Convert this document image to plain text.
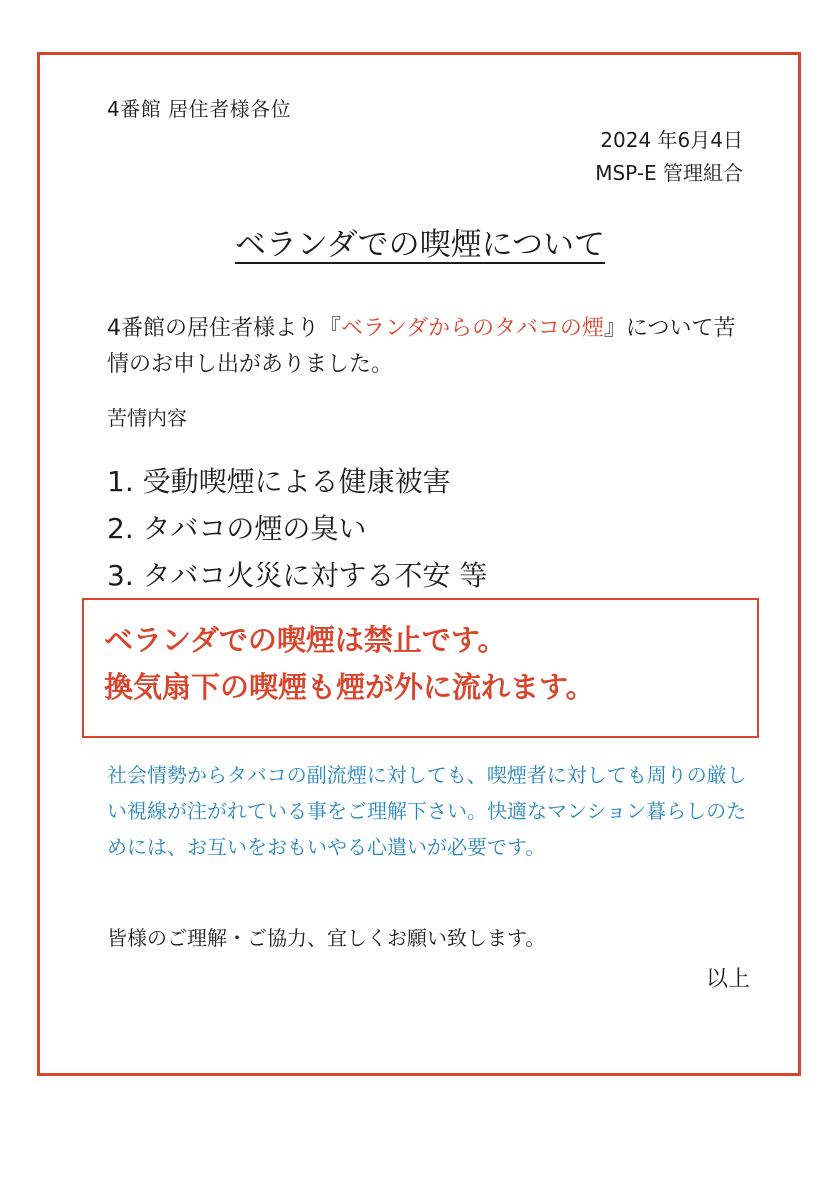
4番館 居住者様各位
2024 年6月4日
MSP-E 管理組合
ベランダでの喫煙について
4番館の居住者様より『ベランダからのタバコの煙』について苦情のお申し出がありました。
苦情内容
1. 受動喫煙による健康被害
2. タバコの煙の臭い
3. タバコ火災に対する不安 等
ベランダでの喫煙は禁止です。
換気扇下の喫煙も煙が外に流れます。
社会情勢からタバコの副流煙に対しても、喫煙者に対しても周りの厳しい視線が注がれている事をご理解下さい。快適なマンション暮らしのためには、お互いをおもいやる心遣いが必要です。
皆様のご理解・ご協力、宜しくお願い致します。
以上
